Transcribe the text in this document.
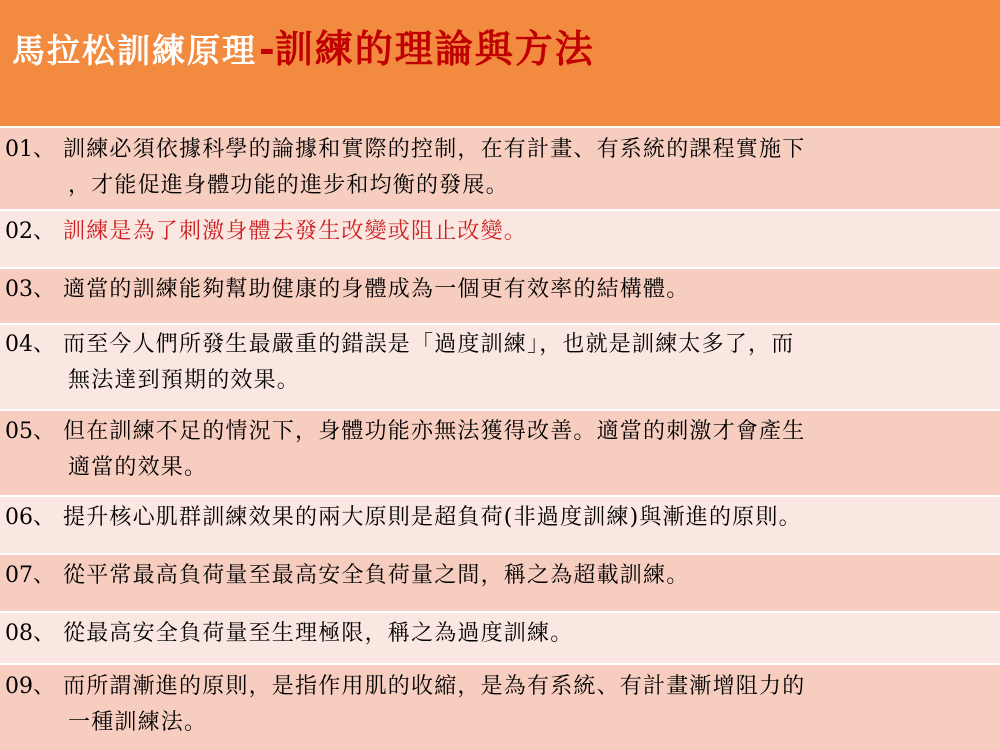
馬拉松訓練原理-訓練的理論與方法
01、 訓練必須依據科學的論據和實際的控制，在有計畫、有系統的課程實施下
，才能促進身體功能的進步和均衡的發展。
02、 訓練是為了刺激身體去發生改變或阻止改變。
03、 適當的訓練能夠幫助健康的身體成為一個更有效率的結構體。
04、 而至今人們所發生最嚴重的錯誤是「過度訓練」，也就是訓練太多了，而
無法達到預期的效果。
05、 但在訓練不足的情況下，身體功能亦無法獲得改善。適當的刺激才會產生
適當的效果。
06、 提升核心肌群訓練效果的兩大原則是超負荷(非過度訓練)與漸進的原則。
07、 從平常最高負荷量至最高安全負荷量之間，稱之為超載訓練。
08、 從最高安全負荷量至生理極限，稱之為過度訓練。
09、 而所謂漸進的原則，是指作用肌的收縮，是為有系統、有計畫漸增阻力的
一種訓練法。
